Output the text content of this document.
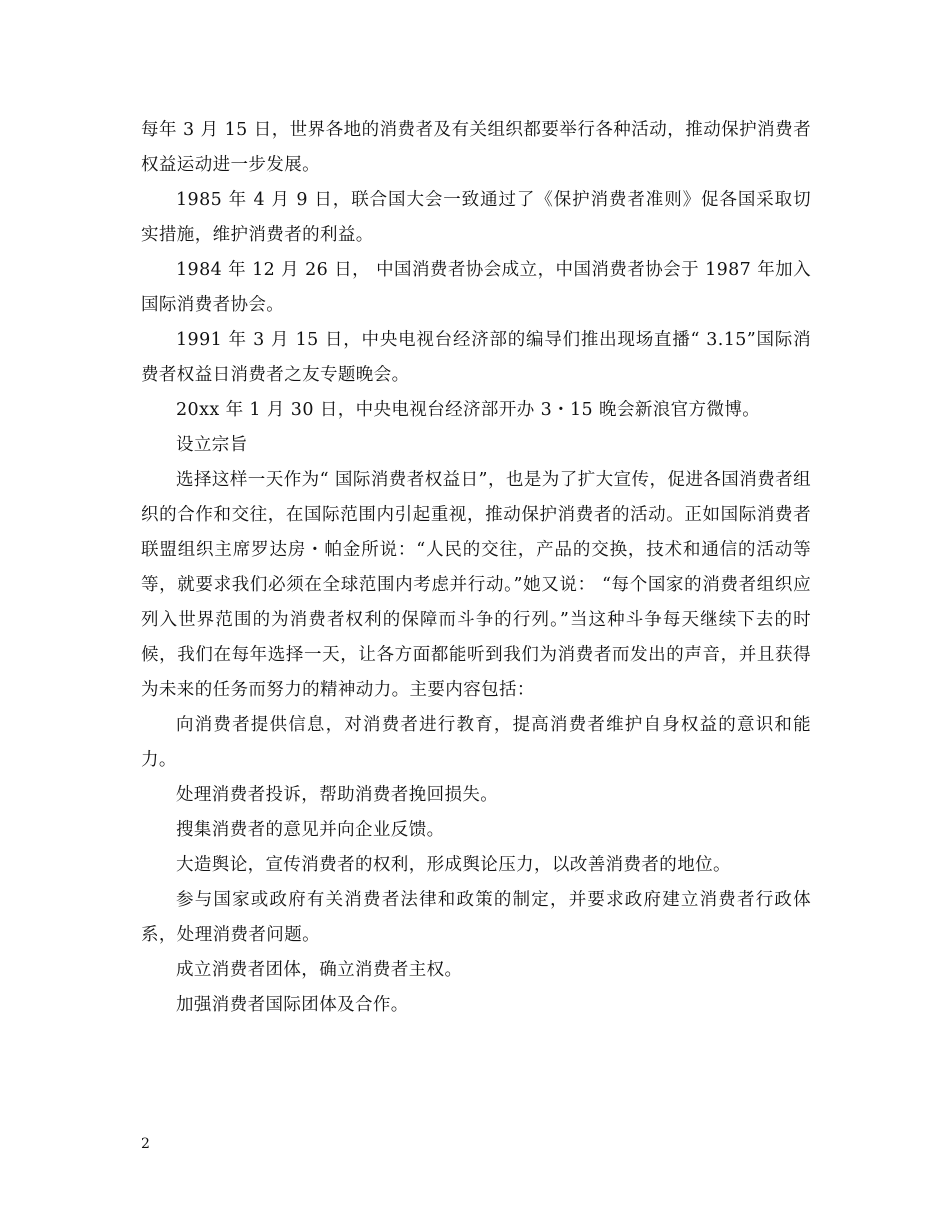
每年 3 月 15 日，世界各地的消费者及有关组织都要举行各种活动，推动保护消费者权益运动进一步发展。

1985 年 4 月 9 日，联合国大会一致通过了《保护消费者准则》促各国采取切实措施，维护消费者的利益。

1984 年 12 月 26 日， 中国消费者协会成立，中国消费者协会于 1987 年加入国际消费者协会。

1991 年 3 月 15 日，中央电视台经济部的编导们推出现场直播“ 3.15”国际消费者权益日消费者之友专题晚会。

20xx 年 1 月 30 日，中央电视台经济部开办 3・15 晚会新浪官方微博。

设立宗旨

选择这样一天作为“ 国际消费者权益日”，也是为了扩大宣传，促进各国消费者组织的合作和交往，在国际范围内引起重视，推动保护消费者的活动。正如国际消费者联盟组织主席罗达房・帕金所说：“人民的交往，产品的交换，技术和通信的活动等等，就要求我们必须在全球范围内考虑并行动。”她又说： “每个国家的消费者组织应列入世界范围的为消费者权利的保障而斗争的行列。”当这种斗争每天继续下去的时候，我们在每年选择一天，让各方面都能听到我们为消费者而发出的声音，并且获得为未来的任务而努力的精神动力。主要内容包括：

向消费者提供信息，对消费者进行教育，提高消费者维护自身权益的意识和能力。

处理消费者投诉，帮助消费者挽回损失。

搜集消费者的意见并向企业反馈。

大造舆论，宣传消费者的权利，形成舆论压力，以改善消费者的地位。

参与国家或政府有关消费者法律和政策的制定，并要求政府建立消费者行政体系，处理消费者问题。

成立消费者团体，确立消费者主权。

加强消费者国际团体及合作。

2
